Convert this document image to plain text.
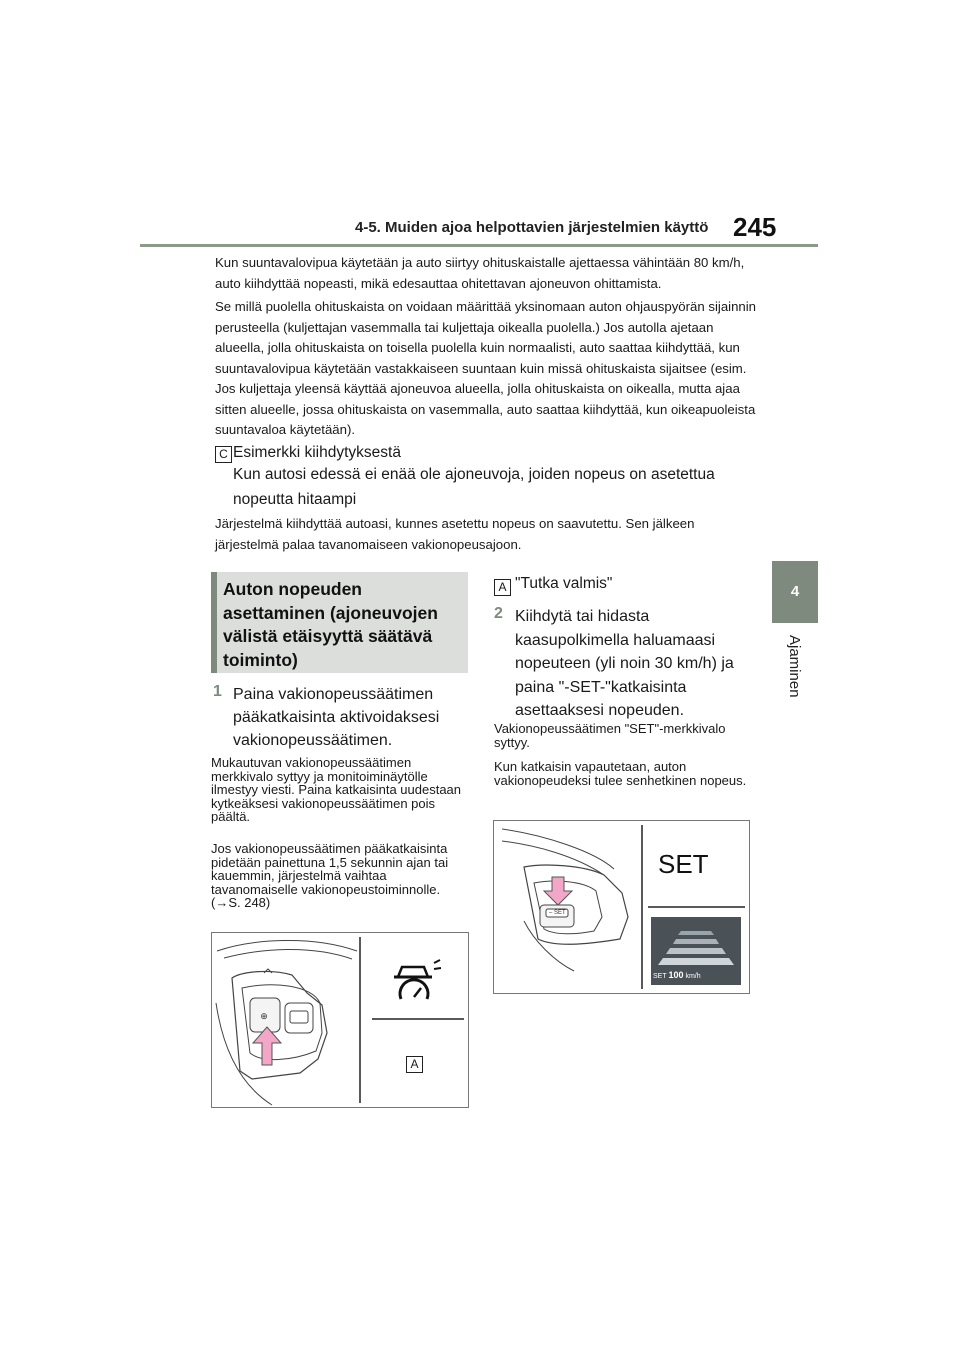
4-5. Muiden ajoa helpottavien järjestelmien käyttö 245
4
Ajaminen
Kun suuntavalovipua käytetään ja auto siirtyy ohituskaistalle ajettaessa vähintään 80 km/h, auto kiihdyttää nopeasti, mikä edesauttaa ohitettavan ajoneuvon ohittamista.
Se millä puolella ohituskaista on voidaan määrittää yksinomaan auton ohjauspyörän sijainnin perusteella (kuljettajan vasemmalla tai kuljettaja oikealla puolella.) Jos autolla ajetaan alueella, jolla ohituskaista on toisella puolella kuin normaalisti, auto saattaa kiihdyttää, kun suuntavalovipua käytetään vastakkaiseen suuntaan kuin missä ohituskaista sijaitsee (esim. Jos kuljettaja yleensä käyttää ajoneuvoa alueella, jolla ohituskaista on oikealla, mutta ajaa sitten alueelle, jossa ohituskaista on vasemmalla, auto saattaa kiihdyttää, kun oikeapuoleista suuntavaloa käytetään).
C Esimerkki kiihdytyksestä
Kun autosi edessä ei enää ole ajoneuvoja, joiden nopeus on asetettua nopeutta hitaampi
Järjestelmä kiihdyttää autoasi, kunnes asetettu nopeus on saavutettu. Sen jälkeen järjestelmä palaa tavanomaiseen vakionopeusajoon.
Auton nopeuden asettaminen (ajoneuvojen välistä etäisyyttä säätävä toiminto)
1 Paina vakionopeussäätimen pääkatkaisinta aktivoidaksesi vakionopeussäätimen.
Mukautuvan vakionopeussäätimen merkkivalo syttyy ja monitoiminäytölle ilmestyy viesti. Paina katkaisinta uudestaan kytkeäksesi vakionopeussäätimen pois päältä.
Jos vakionopeussäätimen pääkatkaisinta pidetään painettuna 1,5 sekunnin ajan tai kauemmin, järjestelmä vaihtaa tavanomaiselle vakionopeustoiminnolle. (→S. 248)
⊕
A
A "Tutka valmis"
2 Kiihdytä tai hidasta kaasupolkimella haluamaasi nopeuteen (yli noin 30 km/h) ja paina "-SET-"katkaisinta asettaaksesi nopeuden.
Vakionopeussäätimen "SET"-merkkivalo syttyy.
Kun katkaisin vapautetaan, auton vakionopeudeksi tulee senhetkinen nopeus.
SET
– SET
SET 100 km/h
